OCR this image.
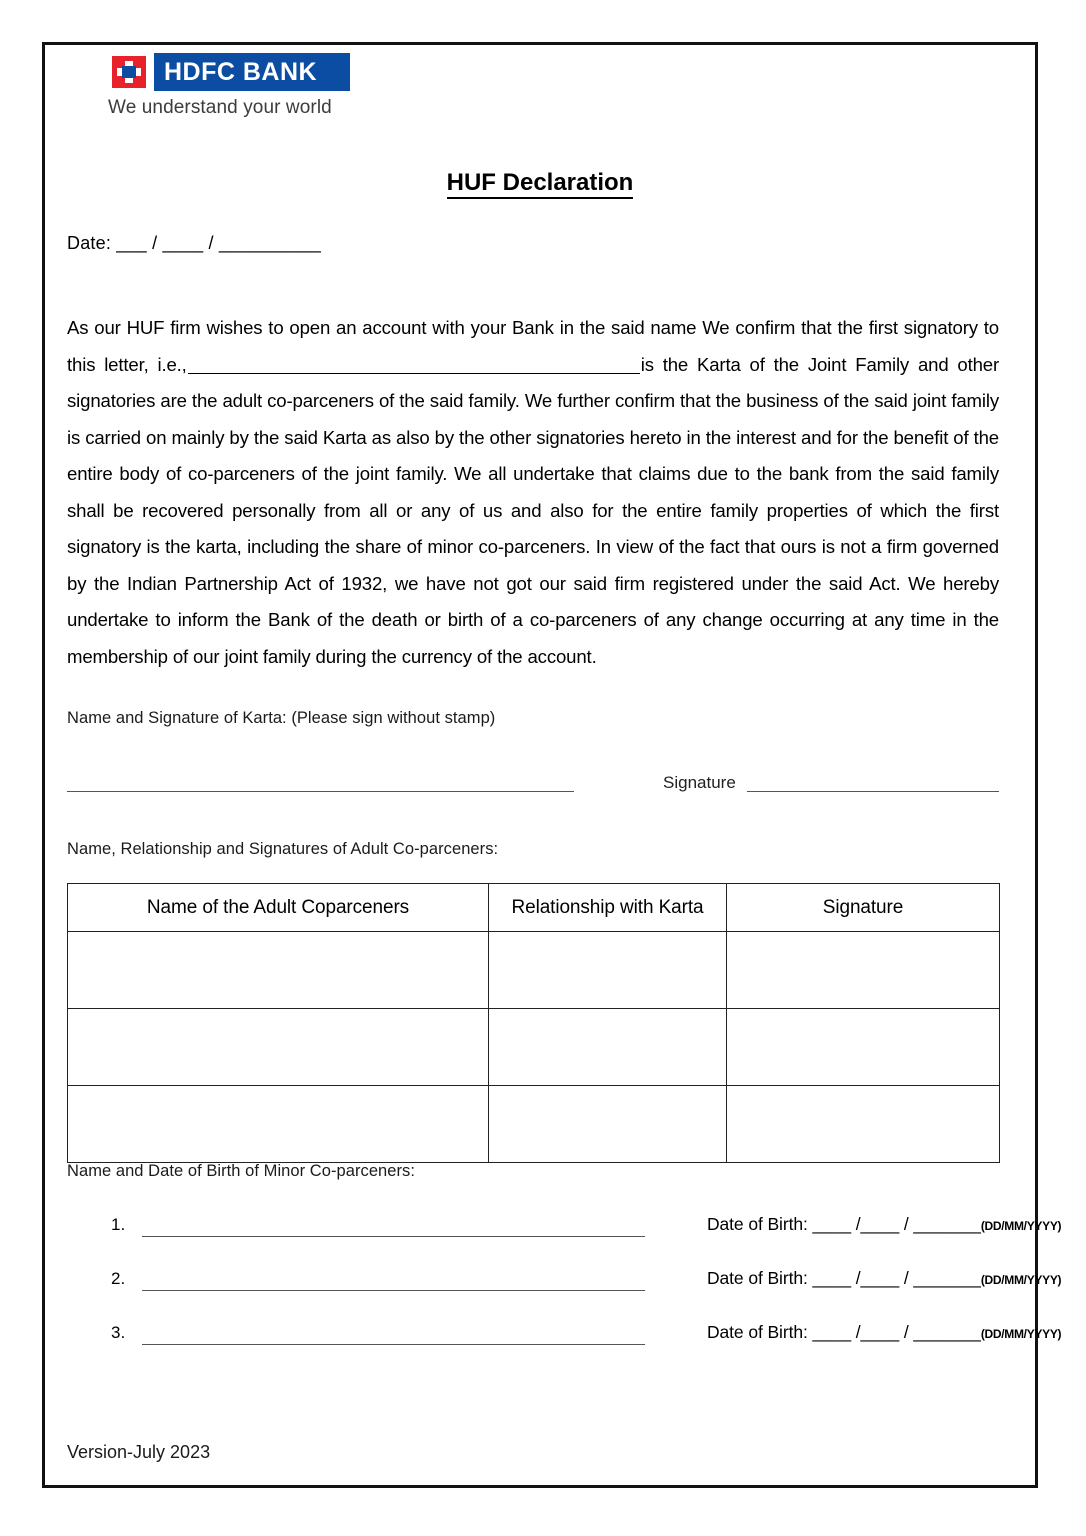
HDFC BANK
We understand your world
HUF Declaration
Date: ___ / ____ / __________
As our HUF firm wishes to open an account with your Bank in the said name We confirm that the first signatory to this letter, i.e.,	is the Karta of the Joint Family and other signatories are the adult co-parceners of the said family. We further confirm that the business of the said joint family is carried on mainly by the said Karta as also by the other signatories hereto in the interest and for the benefit of the entire body of co-parceners of the joint family. We all undertake that claims due to the bank from the said family shall be recovered personally from all or any of us and also for the entire family properties of which the first signatory is the karta, including the share of minor co-parceners. In view of the fact that ours is not a firm governed by the Indian Partnership Act of 1932, we have not got our said firm registered under the said Act. We hereby undertake to inform the Bank of the death or birth of a co-parceners of any change occurring at any time in the membership of our joint family during the currency of the account.
Name and Signature of Karta: (Please sign without stamp)
Signature
Name, Relationship and Signatures of Adult Co-parceners:
Name of the Adult Coparceners	Relationship with Karta	Signature

Name and Date of Birth of Minor Co-parceners:
1.	Date of Birth: ____ /____ / _______(DD/MM/YYYY)
2.	Date of Birth: ____ /____ / _______(DD/MM/YYYY)
3.	Date of Birth: ____ /____ / _______(DD/MM/YYYY)
Version-July 2023
